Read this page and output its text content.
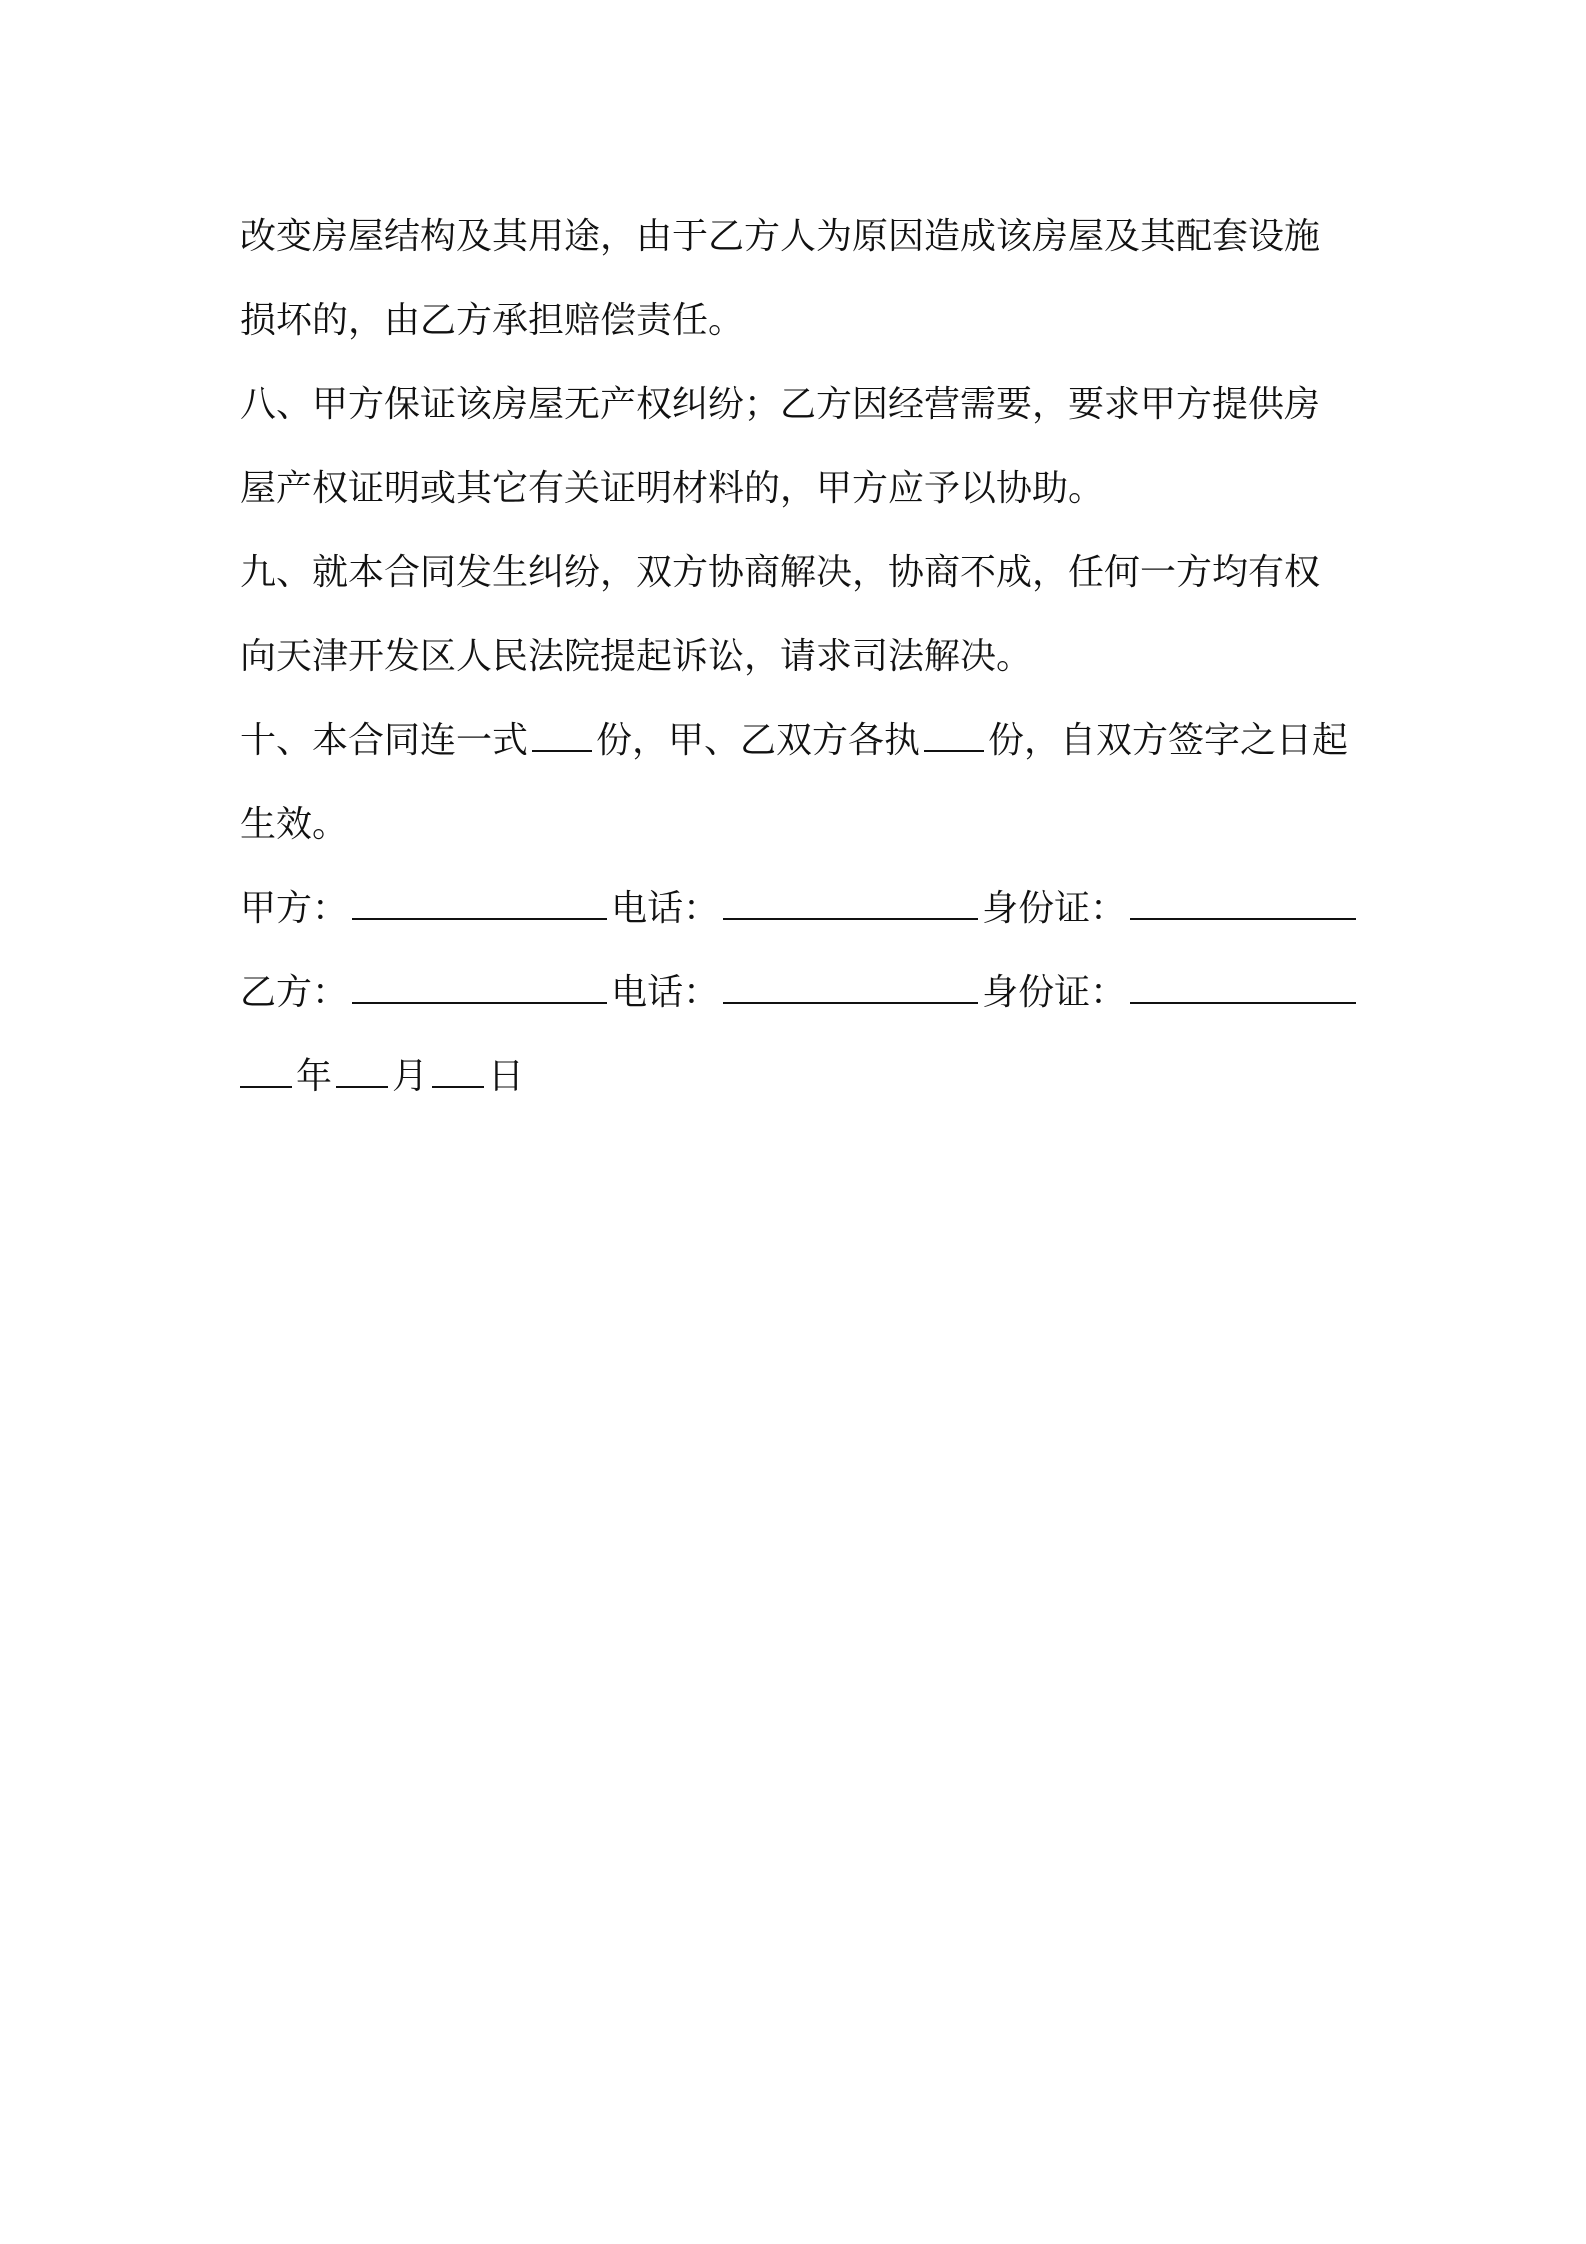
改变房屋结构及其用途，由于乙方人为原因造成该房屋及其配套设施
损坏的，由乙方承担赔偿责任。
八、甲方保证该房屋无产权纠纷；乙方因经营需要，要求甲方提供房
屋产权证明或其它有关证明材料的，甲方应予以协助。
九、就本合同发生纠纷，双方协商解决，协商不成，任何一方均有权
向天津开发区人民法院提起诉讼，请求司法解决。
十、本合同连一式 份，甲、乙双方各执 份，自双方签字之日起
生效。
甲方：	电话：	身份证：
乙方：	电话：	身份证：
年 月 日
